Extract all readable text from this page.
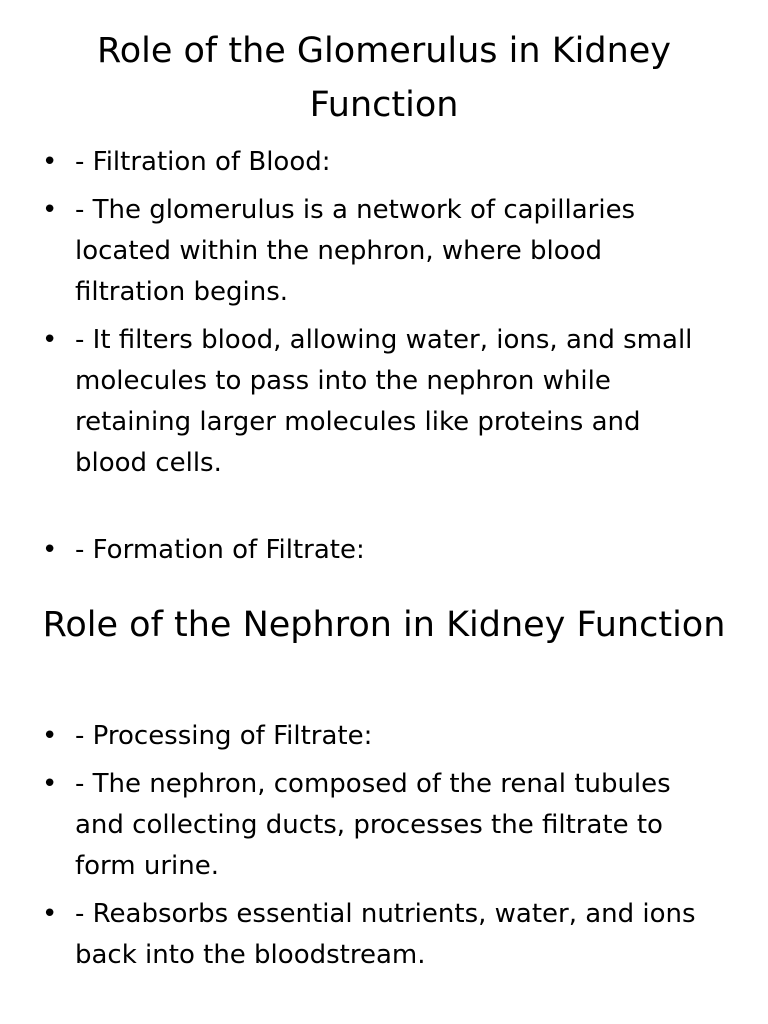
Role of the Glomerulus in Kidney Function
• - Filtration of Blood:
• - The glomerulus is a network of capillaries located within the nephron, where blood filtration begins.
• - It filters blood, allowing water, ions, and small molecules to pass into the nephron while retaining larger molecules like proteins and blood cells.
• - Formation of Filtrate:
Role of the Nephron in Kidney Function
• - Processing of Filtrate:
• - The nephron, composed of the renal tubules and collecting ducts, processes the filtrate to form urine.
• - Reabsorbs essential nutrients, water, and ions back into the bloodstream.
